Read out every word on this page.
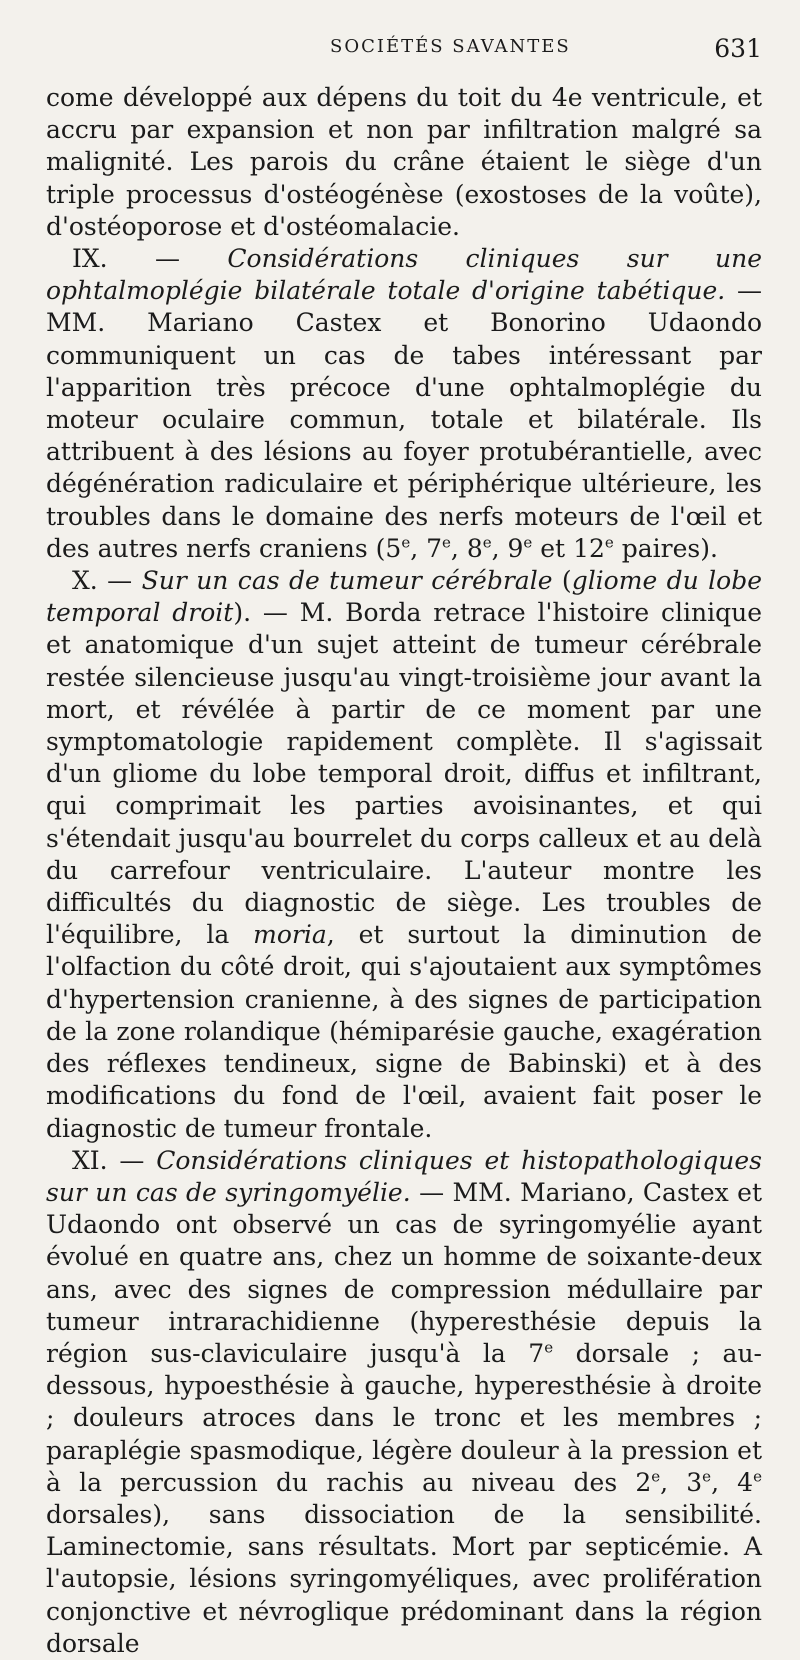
SOCIÉTÉS SAVANTES	631

come développé aux dépens du toit du 4e ventricule, et accru par expansion et non par infiltration malgré sa malignité. Les parois du crâne étaient le siège d'un triple processus d'ostéogénèse (exostoses de la voûte), d'ostéoporose et d'ostéomalacie.

IX. — Considérations cliniques sur une ophtalmoplégie bilatérale totale d'origine tabétique. — MM. Mariano Castex et Bonorino Udaondo communiquent un cas de tabes intéressant par l'apparition très précoce d'une ophtalmoplégie du moteur oculaire commun, totale et bilatérale. Ils attribuent à des lésions au foyer protubérantielle, avec dégénération radiculaire et périphérique ultérieure, les troubles dans le domaine des nerfs moteurs de l'œil et des autres nerfs craniens (5e, 7e, 8e, 9e et 12e paires).

X. — Sur un cas de tumeur cérébrale (gliome du lobe temporal droit). — M. Borda retrace l'histoire clinique et anatomique d'un sujet atteint de tumeur cérébrale restée silencieuse jusqu'au vingt-troisième jour avant la mort, et révélée à partir de ce moment par une symptomatologie rapidement complète. Il s'agissait d'un gliome du lobe temporal droit, diffus et infiltrant, qui comprimait les parties avoisinantes, et qui s'étendait jusqu'au bourrelet du corps calleux et au delà du carrefour ventriculaire. L'auteur montre les difficultés du diagnostic de siège. Les troubles de l'équilibre, la moria, et surtout la diminution de l'olfaction du côté droit, qui s'ajoutaient aux symptômes d'hypertension cranienne, à des signes de participation de la zone rolandique (hémiparésie gauche, exagération des réflexes tendineux, signe de Babinski) et à des modifications du fond de l'œil, avaient fait poser le diagnostic de tumeur frontale.

XI. — Considérations cliniques et histopathologiques sur un cas de syringomyélie. — MM. Mariano, Castex et Udaondo ont observé un cas de syringomyélie ayant évolué en quatre ans, chez un homme de soixante-deux ans, avec des signes de compression médullaire par tumeur intrarachidienne (hyperesthésie depuis la région sus-claviculaire jusqu'à la 7e dorsale ; au-dessous, hypoesthésie à gauche, hyperesthésie à droite ; douleurs atroces dans le tronc et les membres ; paraplégie spasmodique, légère douleur à la pression et à la percussion du rachis au niveau des 2e, 3e, 4e dorsales), sans dissociation de la sensibilité. Laminectomie, sans résultats. Mort par septicémie. A l'autopsie, lésions syringomyéliques, avec prolifération conjonctive et névroglique prédominant dans la région dorsale
